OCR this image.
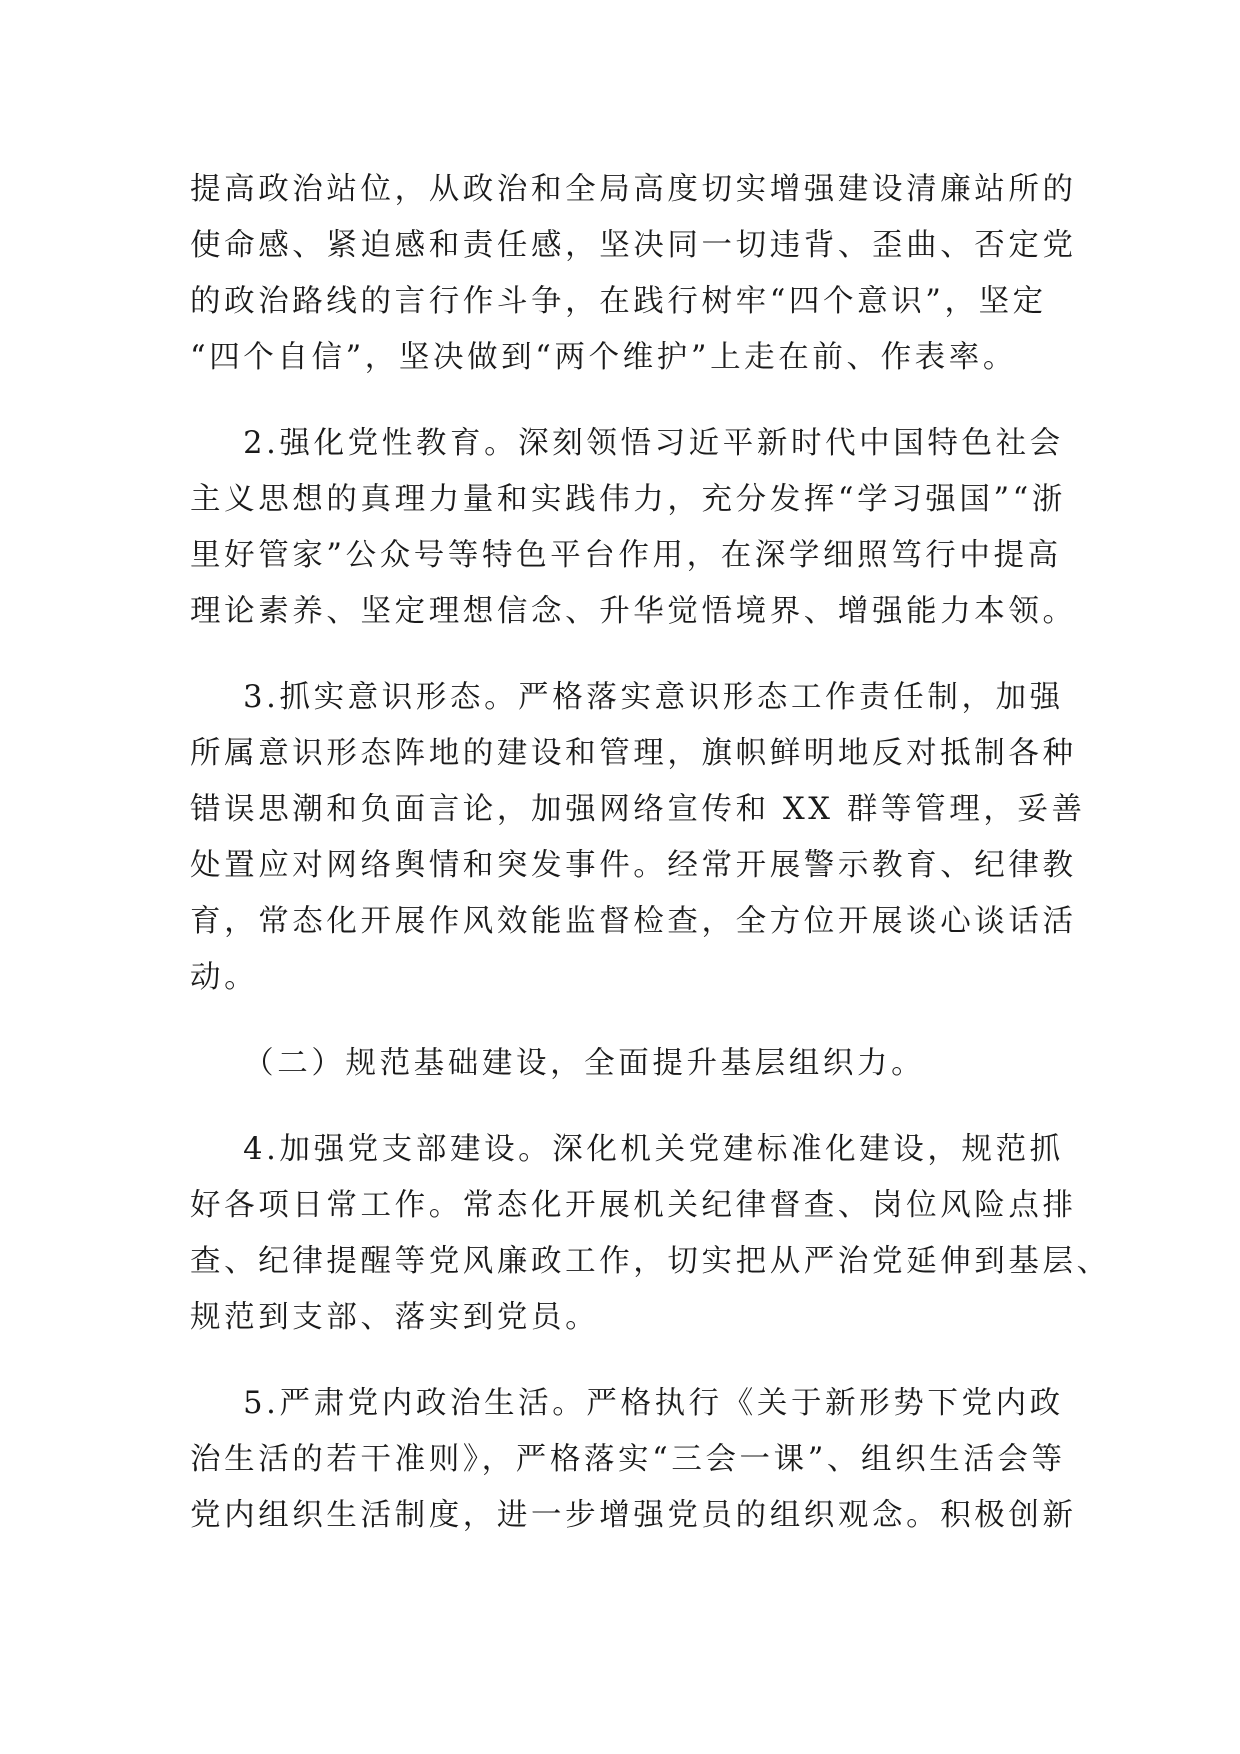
提高政治站位，从政治和全局高度切实增强建设清廉站所的
使命感、紧迫感和责任感，坚决同一切违背、歪曲、否定党
的政治路线的言行作斗争，在践行树牢“四个意识”，坚定
“四个自信”，坚决做到“两个维护”上走在前、作表率。
2.强化党性教育。深刻领悟习近平新时代中国特色社会
主义思想的真理力量和实践伟力，充分发挥“学习强国”“浙
里好管家”公众号等特色平台作用，在深学细照笃行中提高
理论素养、坚定理想信念、升华觉悟境界、增强能力本领。
3.抓实意识形态。严格落实意识形态工作责任制，加强
所属意识形态阵地的建设和管理，旗帜鲜明地反对抵制各种
错误思潮和负面言论，加强网络宣传和 XX 群等管理，妥善
处置应对网络舆情和突发事件。经常开展警示教育、纪律教
育，常态化开展作风效能监督检查，全方位开展谈心谈话活
动。
（二）规范基础建设，全面提升基层组织力。
4.加强党支部建设。深化机关党建标准化建设，规范抓
好各项日常工作。常态化开展机关纪律督查、岗位风险点排
查、纪律提醒等党风廉政工作，切实把从严治党延伸到基层、
规范到支部、落实到党员。
5.严肃党内政治生活。严格执行《关于新形势下党内政
治生活的若干准则》，严格落实“三会一课”、组织生活会等
党内组织生活制度，进一步增强党员的组织观念。积极创新
